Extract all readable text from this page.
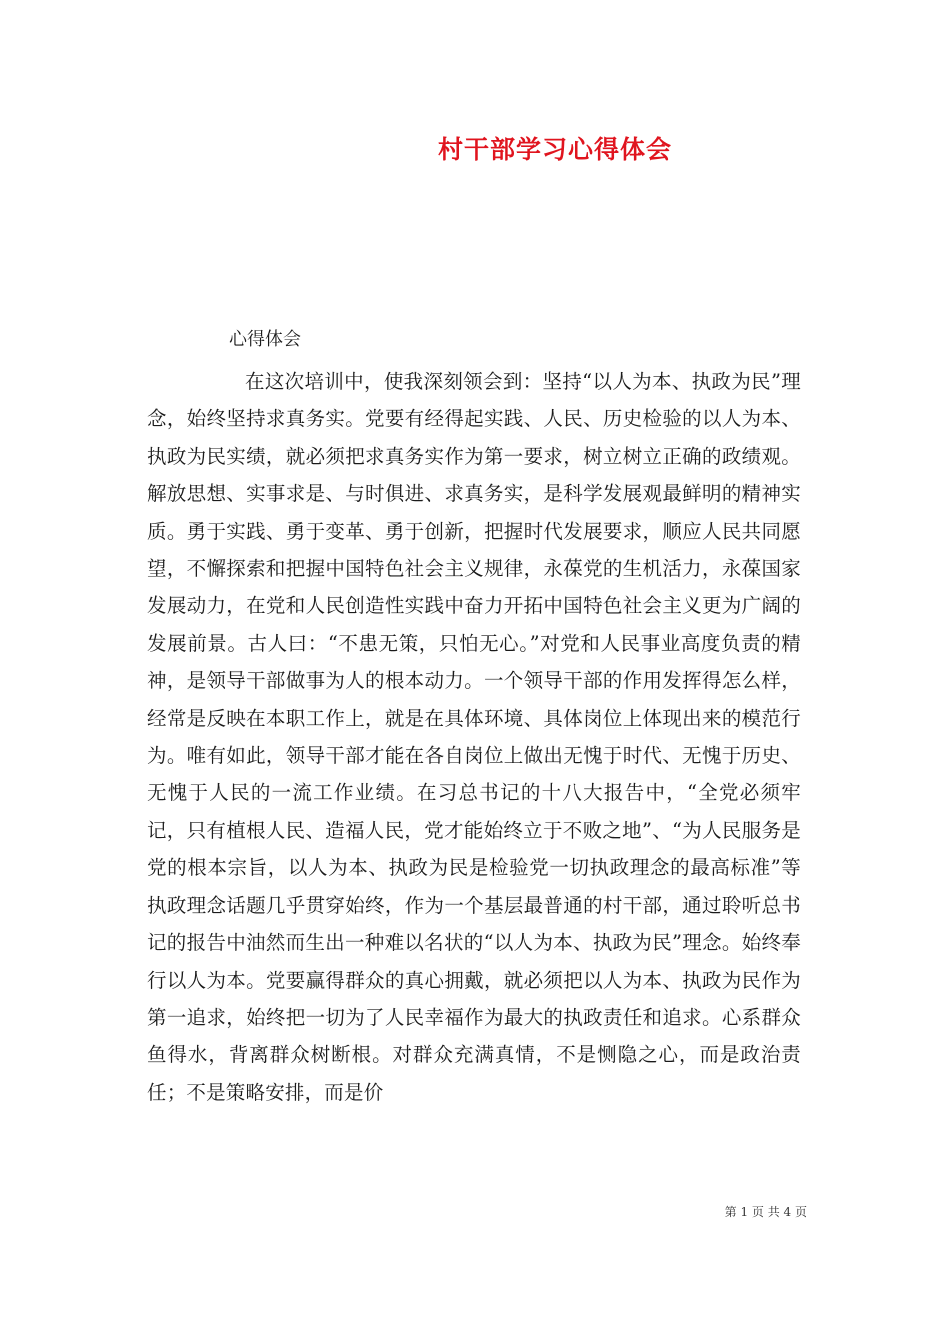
村干部学习心得体会
心得体会

在这次培训中，使我深刻领会到：坚持“以人为本、执政为民”理念，始终坚持求真务实。党要有经得起实践、人民、历史检验的以人为本、执政为民实绩，就必须把求真务实作为第一要求，树立树立正确的政绩观。解放思想、实事求是、与时俱进、求真务实，是科学发展观最鲜明的精神实质。勇于实践、勇于变革、勇于创新，把握时代发展要求，顺应人民共同愿望，不懈探索和把握中国特色社会主义规律，永葆党的生机活力，永葆国家发展动力，在党和人民创造性实践中奋力开拓中国特色社会主义更为广阔的发展前景。古人曰：“不患无策，只怕无心。”对党和人民事业高度负责的精神，是领导干部做事为人的根本动力。一个领导干部的作用发挥得怎么样，经常是反映在本职工作上，就是在具体环境、具体岗位上体现出来的模范行为。唯有如此，领导干部才能在各自岗位上做出无愧于时代、无愧于历史、无愧于人民的一流工作业绩。在习总书记的十八大报告中，“全党必须牢记，只有植根人民、造福人民，党才能始终立于不败之地”、“为人民服务是党的根本宗旨，以人为本、执政为民是检验党一切执政理念的最高标准”等执政理念话题几乎贯穿始终，作为一个基层最普通的村干部，通过聆听总书记的报告中油然而生出一种难以名状的“以人为本、执政为民”理念。始终奉行以人为本。党要赢得群众的真心拥戴，就必须把以人为本、执政为民作为第一追求，始终把一切为了人民幸福作为最大的执政责任和追求。心系群众鱼得水，背离群众树断根。对群众充满真情，不是恻隐之心，而是政治责任；不是策略安排，而是价

第 1 页 共 4 页
